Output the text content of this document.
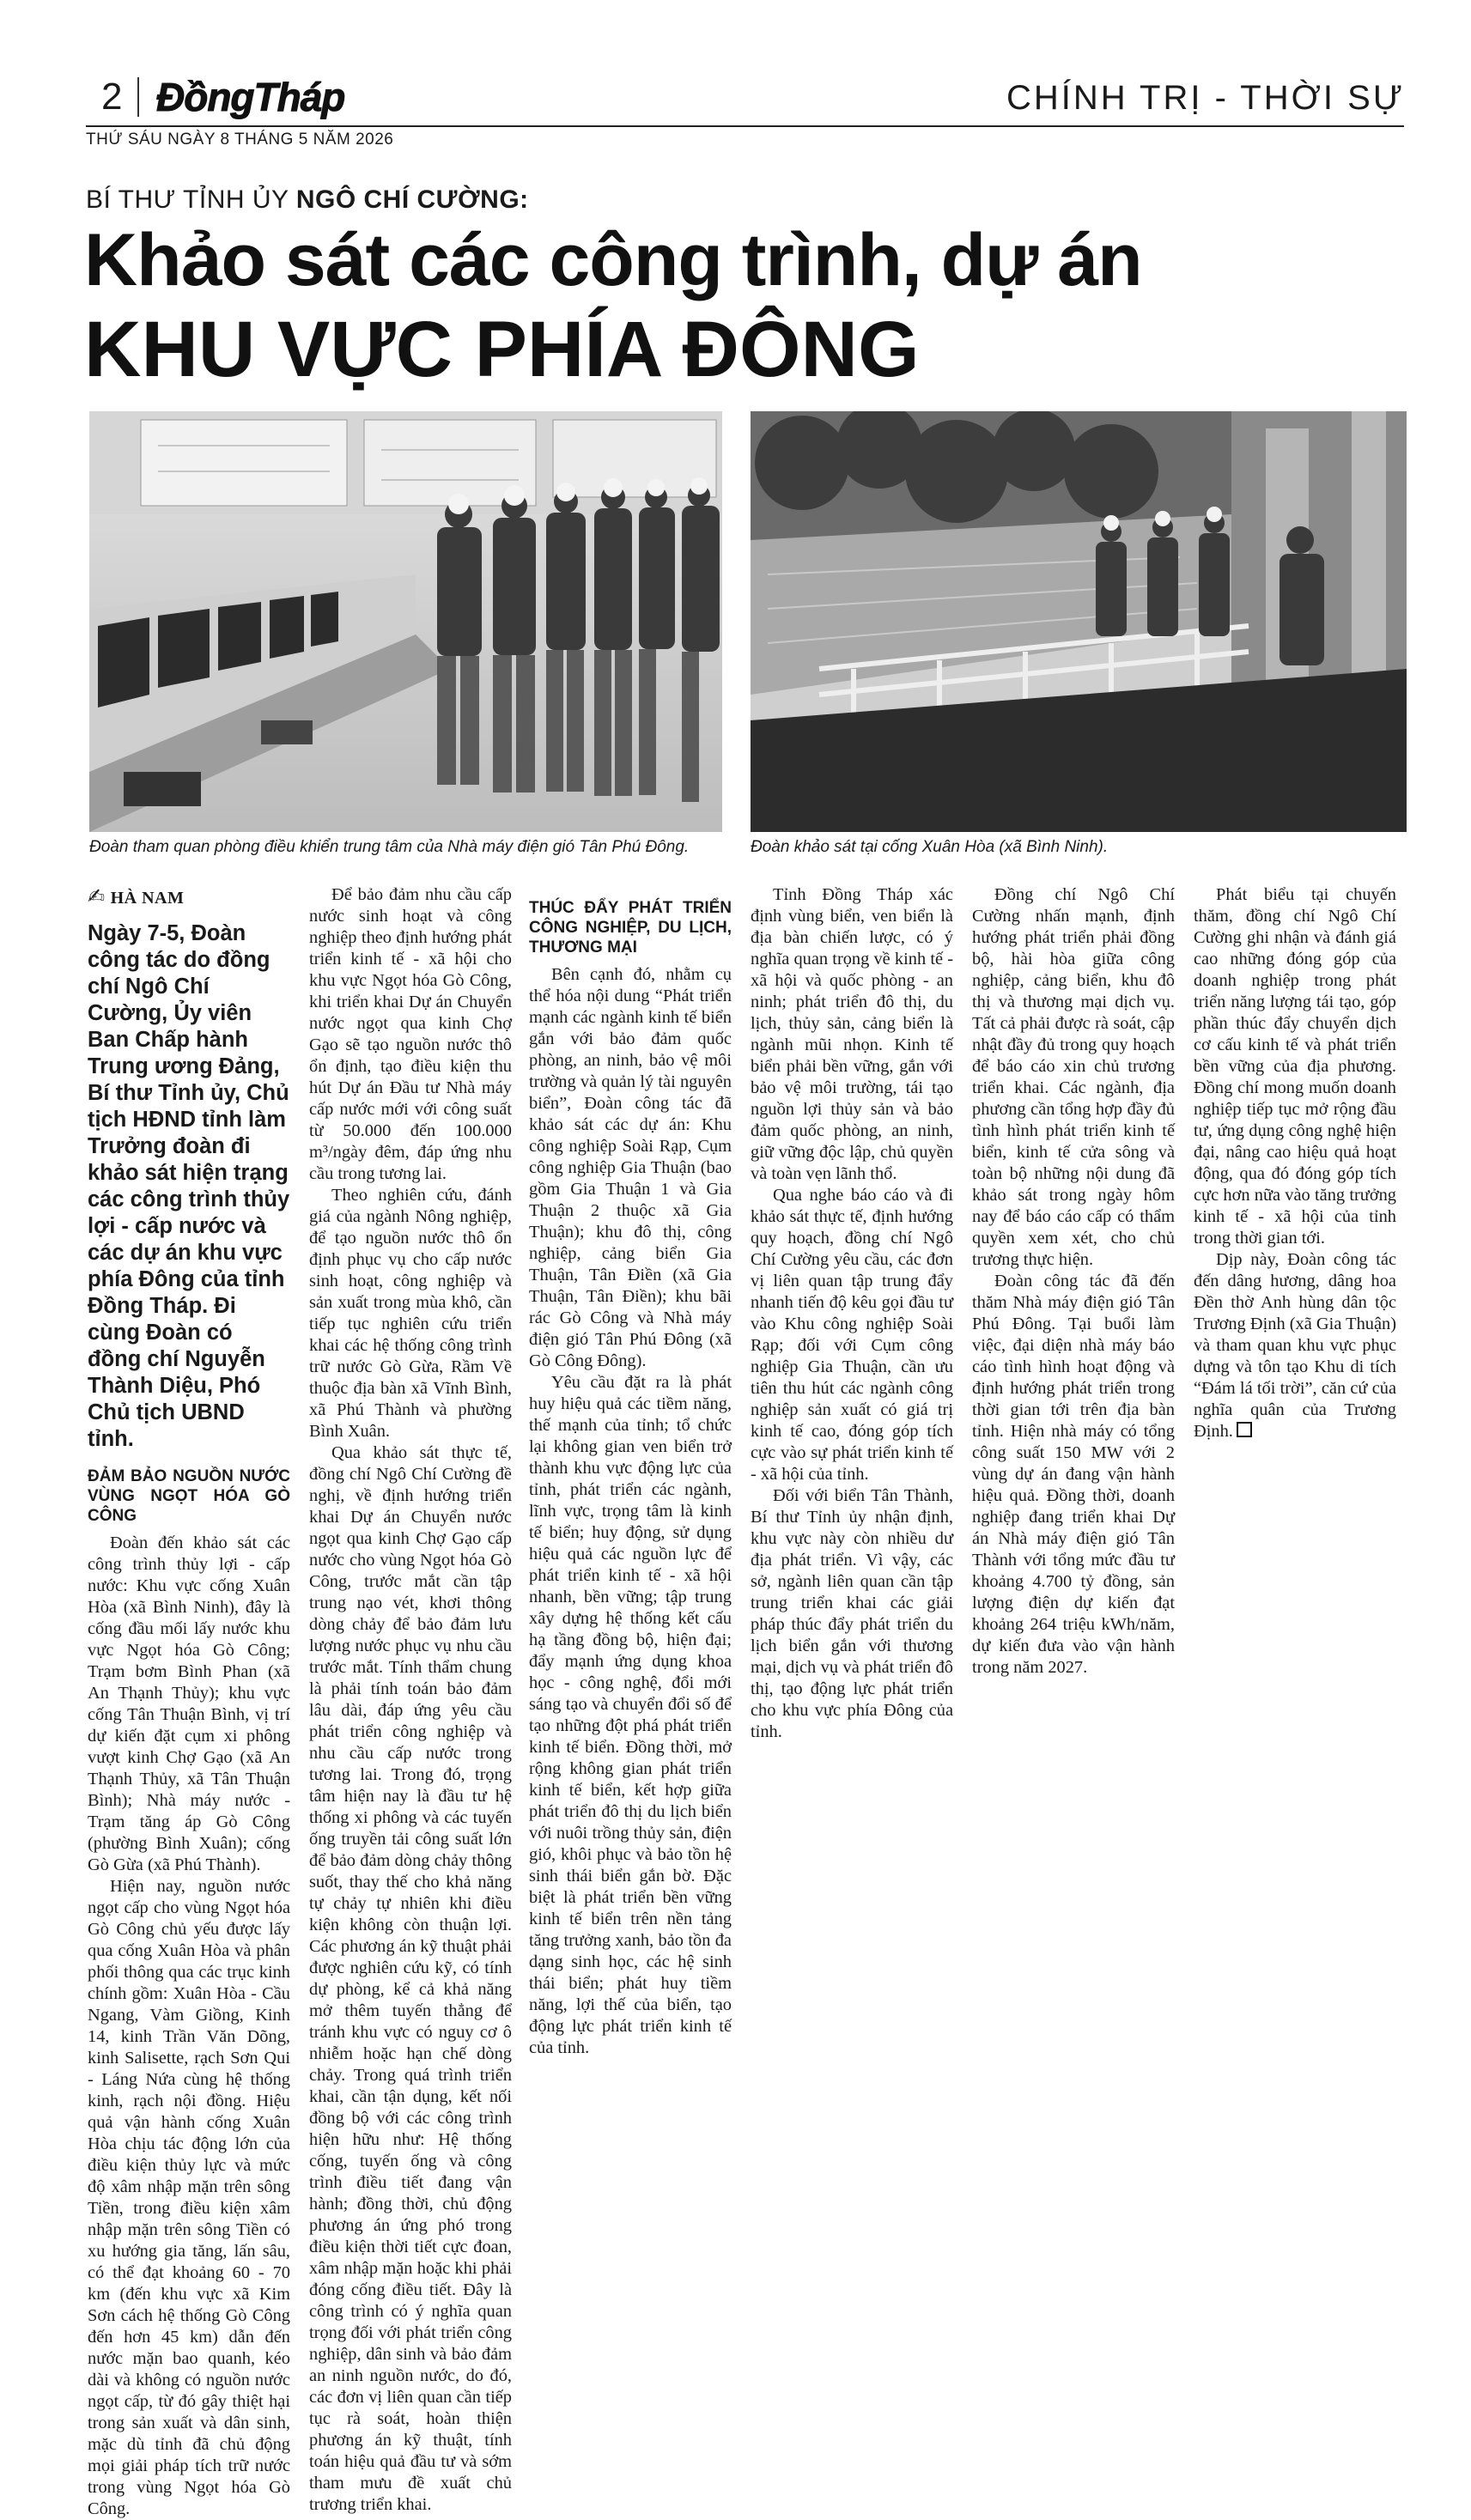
2 ĐồngTháp	CHÍNH TRỊ - THỜI SỰ
THỨ SÁU NGÀY 8 THÁNG 5 NĂM 2026
BÍ THƯ TỈNH ỦY NGÔ CHÍ CƯỜNG:
Khảo sát các công trình, dự án
KHU VỰC PHÍA ĐÔNG
Đoàn tham quan phòng điều khiển trung tâm của Nhà máy điện gió Tân Phú Đông.	Đoàn khảo sát tại cống Xuân Hòa (xã Bình Ninh).
✍ HÀ NAM
Ngày 7-5, Đoàn công tác do đồng chí Ngô Chí Cường, Ủy viên Ban Chấp hành Trung ương Đảng, Bí thư Tỉnh ủy, Chủ tịch HĐND tỉnh làm Trưởng đoàn đi khảo sát hiện trạng các công trình thủy lợi - cấp nước và các dự án khu vực phía Đông của tỉnh Đồng Tháp. Đi cùng Đoàn có đồng chí Nguyễn Thành Diệu, Phó Chủ tịch UBND tỉnh.
ĐẢM BẢO NGUỒN NƯỚC VÙNG NGỌT HÓA GÒ CÔNG

Đoàn đến khảo sát các công trình thủy lợi - cấp nước: Khu vực cống Xuân Hòa (xã Bình Ninh), đây là cống đầu mối lấy nước khu vực Ngọt hóa Gò Công; Trạm bơm Bình Phan (xã An Thạnh Thủy); khu vực cống Tân Thuận Bình, vị trí dự kiến đặt cụm xi phông vượt kinh Chợ Gạo (xã An Thạnh Thủy, xã Tân Thuận Bình); Nhà máy nước - Trạm tăng áp Gò Công (phường Bình Xuân); cống Gò Gừa (xã Phú Thành).

Hiện nay, nguồn nước ngọt cấp cho vùng Ngọt hóa Gò Công chủ yếu được lấy qua cống Xuân Hòa và phân phối thông qua các trục kinh chính gồm: Xuân Hòa - Cầu Ngang, Vàm Giồng, Kinh 14, kinh Trần Văn Dõng, kinh Salisette, rạch Sơn Qui - Láng Nứa cùng hệ thống kinh, rạch nội đồng. Hiệu quả vận hành cống Xuân Hòa chịu tác động lớn của điều kiện thủy lực và mức độ xâm nhập mặn trên sông Tiền, trong điều kiện xâm nhập mặn trên sông Tiền có xu hướng gia tăng, lấn sâu, có thể đạt khoảng 60 - 70 km (đến khu vực xã Kim Sơn cách hệ thống Gò Công đến hơn 45 km) dẫn đến nước mặn bao quanh, kéo dài và không có nguồn nước ngọt cấp, từ đó gây thiệt hại trong sản xuất và dân sinh, mặc dù tỉnh đã chủ động mọi giải pháp tích trữ nước trong vùng Ngọt hóa Gò Công.

Để bảo đảm nhu cầu cấp nước sinh hoạt và công nghiệp theo định hướng phát triển kinh tế - xã hội cho khu vực Ngọt hóa Gò Công, khi triển khai Dự án Chuyển nước ngọt qua kinh Chợ Gạo sẽ tạo nguồn nước thô ổn định, tạo điều kiện thu hút Dự án Đầu tư Nhà máy cấp nước mới với công suất từ 50.000 đến 100.000 m³/ngày đêm, đáp ứng nhu cầu trong tương lai.

Theo nghiên cứu, đánh giá của ngành Nông nghiệp, để tạo nguồn nước thô ổn định phục vụ cho cấp nước sinh hoạt, công nghiệp và sản xuất trong mùa khô, cần tiếp tục nghiên cứu triển khai các hệ thống công trình trữ nước Gò Gừa, Rầm Về thuộc địa bàn xã Vĩnh Bình, xã Phú Thành và phường Bình Xuân.

Qua khảo sát thực tế, đồng chí Ngô Chí Cường đề nghị, về định hướng triển khai Dự án Chuyển nước ngọt qua kinh Chợ Gạo cấp nước cho vùng Ngọt hóa Gò Công, trước mắt cần tập trung nạo vét, khơi thông dòng chảy để bảo đảm lưu lượng nước phục vụ nhu cầu trước mắt. Tính thẩm chung là phải tính toán bảo đảm lâu dài, đáp ứng yêu cầu phát triển công nghiệp và nhu cầu cấp nước trong tương lai. Trong đó, trọng tâm hiện nay là đầu tư hệ thống xi phông và các tuyến ống truyền tải công suất lớn để bảo đảm dòng chảy thông suốt, thay thế cho khả năng tự chảy tự nhiên khi điều kiện không còn thuận lợi. Các phương án kỹ thuật phải được nghiên cứu kỹ, có tính dự phòng, kể cả khả năng mở thêm tuyến thẳng để tránh khu vực có nguy cơ ô nhiễm hoặc hạn chế dòng chảy. Trong quá trình triển khai, cần tận dụng, kết nối đồng bộ với các công trình hiện hữu như: Hệ thống cống, tuyến ống và công trình điều tiết đang vận hành; đồng thời, chủ động phương án ứng phó trong điều kiện thời tiết cực đoan, xâm nhập mặn hoặc khi phải đóng cống điều tiết. Đây là công trình có ý nghĩa quan trọng đối với phát triển công nghiệp, dân sinh và bảo đảm an ninh nguồn nước, do đó, các đơn vị liên quan cần tiếp tục rà soát, hoàn thiện phương án kỹ thuật, tính toán hiệu quả đầu tư và sớm tham mưu đề xuất chủ trương triển khai.

THÚC ĐẨY PHÁT TRIỂN CÔNG NGHIỆP, DU LỊCH, THƯƠNG MẠI

Bên cạnh đó, nhằm cụ thể hóa nội dung “Phát triển mạnh các ngành kinh tế biển gắn với bảo đảm quốc phòng, an ninh, bảo vệ môi trường và quản lý tài nguyên biển”, Đoàn công tác đã khảo sát các dự án: Khu công nghiệp Soài Rạp, Cụm công nghiệp Gia Thuận (bao gồm Gia Thuận 1 và Gia Thuận 2 thuộc xã Gia Thuận); khu đô thị, công nghiệp, cảng biển Gia Thuận, Tân Điền (xã Gia Thuận, Tân Điền); khu bãi rác Gò Công và Nhà máy điện gió Tân Phú Đông (xã Gò Công Đông).

Yêu cầu đặt ra là phát huy hiệu quả các tiềm năng, thế mạnh của tỉnh; tổ chức lại không gian ven biển trở thành khu vực động lực của tỉnh, phát triển các ngành, lĩnh vực, trọng tâm là kinh tế biển; huy động, sử dụng hiệu quả các nguồn lực để phát triển kinh tế - xã hội nhanh, bền vững; tập trung xây dựng hệ thống kết cấu hạ tầng đồng bộ, hiện đại; đẩy mạnh ứng dụng khoa học - công nghệ, đổi mới sáng tạo và chuyển đổi số để tạo những đột phá phát triển kinh tế biển. Đồng thời, mở rộng không gian phát triển kinh tế biển, kết hợp giữa phát triển đô thị du lịch biển với nuôi trồng thủy sản, điện gió, khôi phục và bảo tồn hệ sinh thái biển gắn bờ. Đặc biệt là phát triển bền vững kinh tế biển trên nền tảng tăng trưởng xanh, bảo tồn đa dạng sinh học, các hệ sinh thái biển; phát huy tiềm năng, lợi thế của biển, tạo động lực phát triển kinh tế của tỉnh.

Tỉnh Đồng Tháp xác định vùng biển, ven biển là địa bàn chiến lược, có ý nghĩa quan trọng về kinh tế - xã hội và quốc phòng - an ninh; phát triển đô thị, du lịch, thủy sản, cảng biển là ngành mũi nhọn. Kinh tế biển phải bền vững, gắn với bảo vệ môi trường, tái tạo nguồn lợi thủy sản và bảo đảm quốc phòng, an ninh, giữ vững độc lập, chủ quyền và toàn vẹn lãnh thổ.

Qua nghe báo cáo và đi khảo sát thực tế, định hướng quy hoạch, đồng chí Ngô Chí Cường yêu cầu, các đơn vị liên quan tập trung đẩy nhanh tiến độ kêu gọi đầu tư vào Khu công nghiệp Soài Rạp; đối với Cụm công nghiệp Gia Thuận, cần ưu tiên thu hút các ngành công nghiệp sản xuất có giá trị kinh tế cao, đóng góp tích cực vào sự phát triển kinh tế - xã hội của tỉnh.

Đối với biển Tân Thành, Bí thư Tỉnh ủy nhận định, khu vực này còn nhiều dư địa phát triển. Vì vậy, các sở, ngành liên quan cần tập trung triển khai các giải pháp thúc đẩy phát triển du lịch biển gắn với thương mại, dịch vụ và phát triển đô thị, tạo động lực phát triển cho khu vực phía Đông của tỉnh.

Đồng chí Ngô Chí Cường nhấn mạnh, định hướng phát triển phải đồng bộ, hài hòa giữa công nghiệp, cảng biển, khu đô thị và thương mại dịch vụ. Tất cả phải được rà soát, cập nhật đầy đủ trong quy hoạch để báo cáo xin chủ trương triển khai. Các ngành, địa phương cần tổng hợp đầy đủ tình hình phát triển kinh tế biển, kinh tế cửa sông và toàn bộ những nội dung đã khảo sát trong ngày hôm nay để báo cáo cấp có thẩm quyền xem xét, cho chủ trương thực hiện.

Đoàn công tác đã đến thăm Nhà máy điện gió Tân Phú Đông. Tại buổi làm việc, đại diện nhà máy báo cáo tình hình hoạt động và định hướng phát triển trong thời gian tới trên địa bàn tỉnh. Hiện nhà máy có tổng công suất 150 MW với 2 vùng dự án đang vận hành hiệu quả. Đồng thời, doanh nghiệp đang triển khai Dự án Nhà máy điện gió Tân Thành với tổng mức đầu tư khoảng 4.700 tỷ đồng, sản lượng điện dự kiến đạt khoảng 264 triệu kWh/năm, dự kiến đưa vào vận hành trong năm 2027.

Phát biểu tại chuyến thăm, đồng chí Ngô Chí Cường ghi nhận và đánh giá cao những đóng góp của doanh nghiệp trong phát triển năng lượng tái tạo, góp phần thúc đẩy chuyển dịch cơ cấu kinh tế và phát triển bền vững của địa phương. Đồng chí mong muốn doanh nghiệp tiếp tục mở rộng đầu tư, ứng dụng công nghệ hiện đại, nâng cao hiệu quả hoạt động, qua đó đóng góp tích cực hơn nữa vào tăng trưởng kinh tế - xã hội của tỉnh trong thời gian tới.

Dịp này, Đoàn công tác đến dâng hương, dâng hoa Đền thờ Anh hùng dân tộc Trương Định (xã Gia Thuận) và tham quan khu vực phục dựng và tôn tạo Khu di tích “Đám lá tối trời”, căn cứ của nghĩa quân của Trương Định.
